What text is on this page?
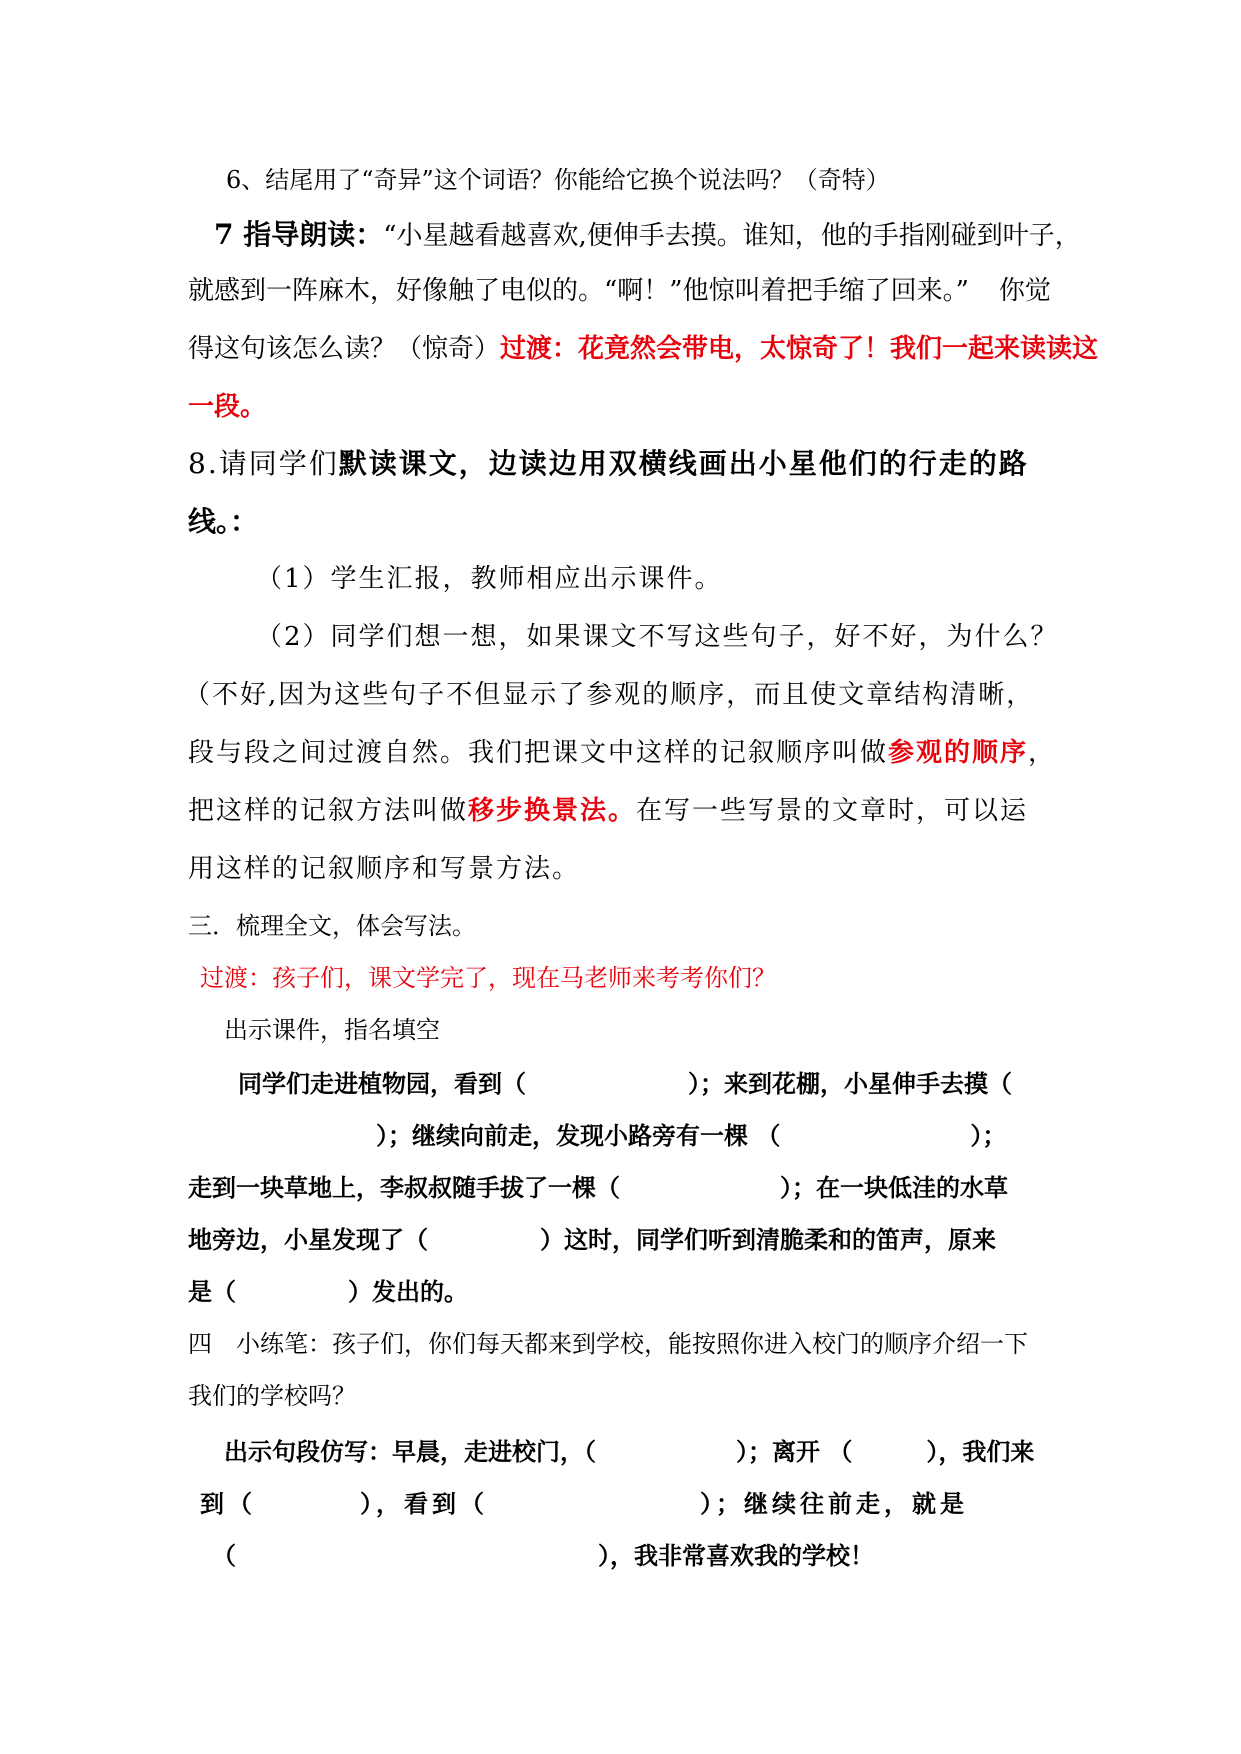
6、结尾用了“奇异”这个词语？你能给它换个说法吗？（奇特）
7 指导朗读：“小星越看越喜欢,便伸手去摸。谁知，他的手指刚碰到叶子，
就感到一阵麻木，好像触了电似的。“啊！”他惊叫着把手缩了回来。” 你觉
得这句该怎么读？（惊奇）过渡：花竟然会带电，太惊奇了！我们一起来读读这
一段。
8.请同学们默读课文，边读边用双横线画出小星他们的行走的路
线。：
（1）学生汇报，教师相应出示课件。
（2）同学们想一想，如果课文不写这些句子，好不好，为什么？
（不好,因为这些句子不但显示了参观的顺序，而且使文章结构清晰，
段与段之间过渡自然。我们把课文中这样的记叙顺序叫做参观的顺序，
把这样的记叙方法叫做移步换景法。在写一些写景的文章时，可以运
用这样的记叙顺序和写景方法。
三．梳理全文，体会写法。
过渡：孩子们，课文学完了，现在马老师来考考你们？
出示课件，指名填空
同学们走进植物园，看到（	）；来到花棚，小星伸手去摸（
）；继续向前走，发现小路旁有一棵 （	）；
走到一块草地上，李叔叔随手拔了一棵（	）；在一块低洼的水草
地旁边，小星发现了（	）这时，同学们听到清脆柔和的笛声，原来
是（	）发出的。
四 小练笔：孩子们，你们每天都来到学校，能按照你进入校门的顺序介绍一下
我们的学校吗？
出示句段仿写：早晨，走进校门，（	）；离开 （	），我们来
到（	），看到（	）；继续往前走，就是
（	），我非常喜欢我的学校！
